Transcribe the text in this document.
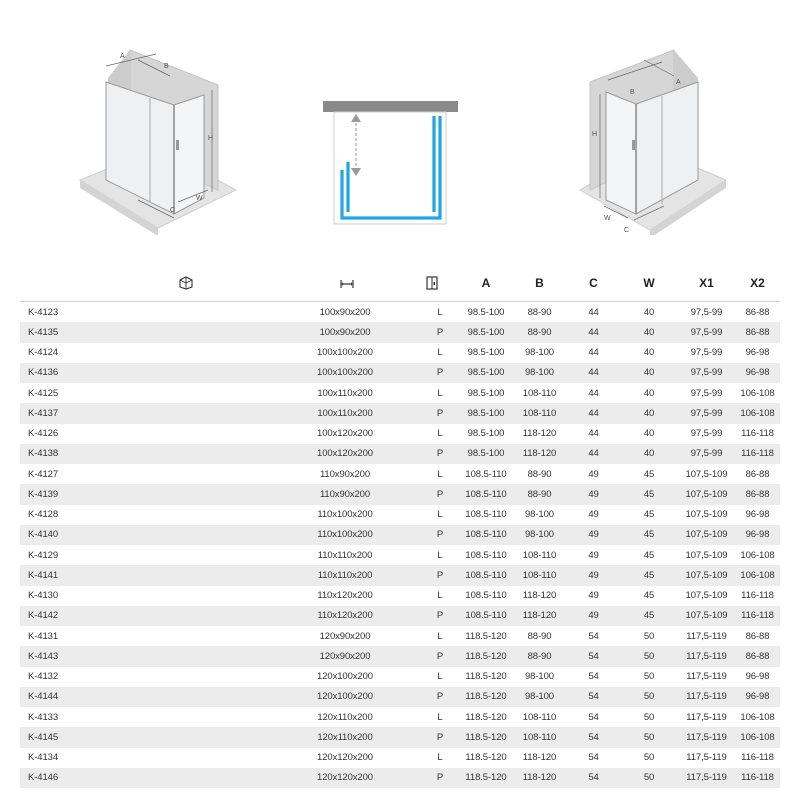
A
B
H
C
W
A
B
H
C
W
			A	B	C	W	X1	X2
K-4123	100x90x200	L	98.5-100	88-90	44	40	97,5-99	86-88
K-4135	100x90x200	P	98.5-100	88-90	44	40	97,5-99	86-88
K-4124	100x100x200	L	98.5-100	98-100	44	40	97,5-99	96-98
K-4136	100x100x200	P	98.5-100	98-100	44	40	97,5-99	96-98
K-4125	100x110x200	L	98.5-100	108-110	44	40	97,5-99	106-108
K-4137	100x110x200	P	98.5-100	108-110	44	40	97,5-99	106-108
K-4126	100x120x200	L	98.5-100	118-120	44	40	97,5-99	116-118
K-4138	100x120x200	P	98.5-100	118-120	44	40	97,5-99	116-118
K-4127	110x90x200	L	108.5-110	88-90	49	45	107,5-109	86-88
K-4139	110x90x200	P	108.5-110	88-90	49	45	107,5-109	86-88
K-4128	110x100x200	L	108.5-110	98-100	49	45	107,5-109	96-98
K-4140	110x100x200	P	108.5-110	98-100	49	45	107,5-109	96-98
K-4129	110x110x200	L	108.5-110	108-110	49	45	107,5-109	106-108
K-4141	110x110x200	P	108.5-110	108-110	49	45	107,5-109	106-108
K-4130	110x120x200	L	108.5-110	118-120	49	45	107,5-109	116-118
K-4142	110x120x200	P	108.5-110	118-120	49	45	107,5-109	116-118
K-4131	120x90x200	L	118.5-120	88-90	54	50	117,5-119	86-88
K-4143	120x90x200	P	118.5-120	88-90	54	50	117,5-119	86-88
K-4132	120x100x200	L	118.5-120	98-100	54	50	117,5-119	96-98
K-4144	120x100x200	P	118.5-120	98-100	54	50	117,5-119	96-98
K-4133	120x110x200	L	118.5-120	108-110	54	50	117,5-119	106-108
K-4145	120x110x200	P	118.5-120	108-110	54	50	117,5-119	106-108
K-4134	120x120x200	L	118.5-120	118-120	54	50	117,5-119	116-118
K-4146	120x120x200	P	118.5-120	118-120	54	50	117,5-119	116-118
